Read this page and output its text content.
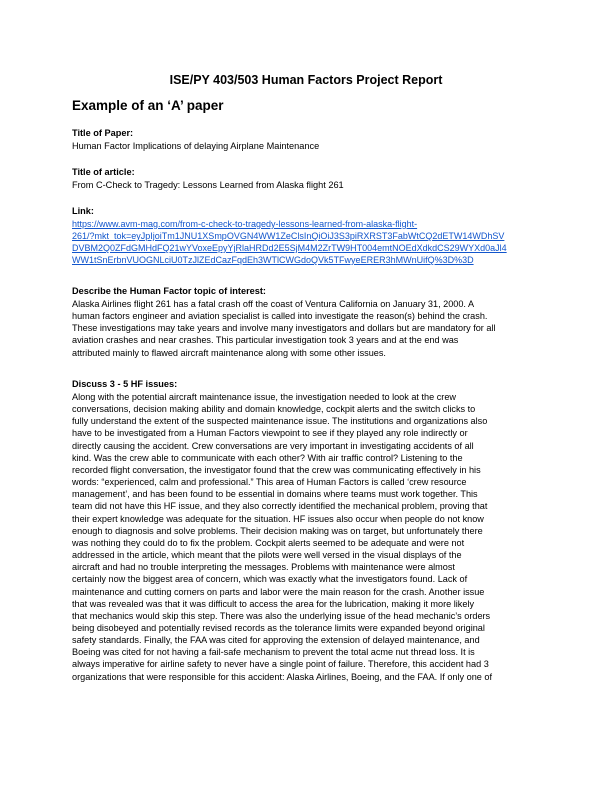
ISE/PY 403/503 Human Factors Project Report
Example of an ‘A’ paper
Title of Paper:
Human Factor Implications of delaying Airplane Maintenance
Title of article:
From C-Check to Tragedy: Lessons Learned from Alaska flight 261
Link:
https://www.avm-mag.com/from-c-check-to-tragedy-lessons-learned-from-alaska-flight-
261/?mkt_tok=eyJpIjoiTm1JNU1XSmpOVGN4WW1ZeClsInQiOiJ3S3piRXRST3FabWtCQ2dETW14WDhSV
DVBM2Q0ZFdGMHdFQ21wYVoxeEpyYjRlaHRDd2E5SjM4M2ZrTW9HT004emtNOEdXdkdCS29WYXd0aJl4
WW1tSnErbnVUOGNLciU0TzJlZEdCazFqdEh3WTlCWGdoQVk5TFwyeERER3hMWnUifQ%3D%3D
Describe the Human Factor topic of interest:
Alaska Airlines flight 261 has a fatal crash off the coast of Ventura California on January 31, 2000. A
human factors engineer and aviation specialist is called into investigate the reason(s) behind the crash.
These investigations may take years and involve many investigators and dollars but are mandatory for all
aviation crashes and near crashes. This particular investigation took 3 years and at the end was
attributed mainly to flawed aircraft maintenance along with some other issues.
Discuss 3 - 5 HF issues:
Along with the potential aircraft maintenance issue, the investigation needed to look at the crew
conversations, decision making ability and domain knowledge, cockpit alerts and the switch clicks to
fully understand the extent of the suspected maintenance issue. The institutions and organizations also
have to be investigated from a Human Factors viewpoint to see if they played any role indirectly or
directly causing the accident. Crew conversations are very important in investigating accidents of all
kind. Was the crew able to communicate with each other? With air traffic control? Listening to the
recorded flight conversation, the investigator found that the crew was communicating effectively in his
words: “experienced, calm and professional.” This area of Human Factors is called ‘crew resource
management’, and has been found to be essential in domains where teams must work together. This
team did not have this HF issue, and they also correctly identified the mechanical problem, proving that
their expert knowledge was adequate for the situation. HF issues also occur when people do not know
enough to diagnosis and solve problems. Their decision making was on target, but unfortunately there
was nothing they could do to fix the problem. Cockpit alerts seemed to be adequate and were not
addressed in the article, which meant that the pilots were well versed in the visual displays of the
aircraft and had no trouble interpreting the messages. Problems with maintenance were almost
certainly now the biggest area of concern, which was exactly what the investigators found. Lack of
maintenance and cutting corners on parts and labor were the main reason for the crash. Another issue
that was revealed was that it was difficult to access the area for the lubrication, making it more likely
that mechanics would skip this step. There was also the underlying issue of the head mechanic’s orders
being disobeyed and potentially revised records as the tolerance limits were expanded beyond original
safety standards. Finally, the FAA was cited for approving the extension of delayed maintenance, and
Boeing was cited for not having a fail-safe mechanism to prevent the total acme nut thread loss. It is
always imperative for airline safety to never have a single point of failure. Therefore, this accident had 3
organizations that were responsible for this accident: Alaska Airlines, Boeing, and the FAA. If only one of
